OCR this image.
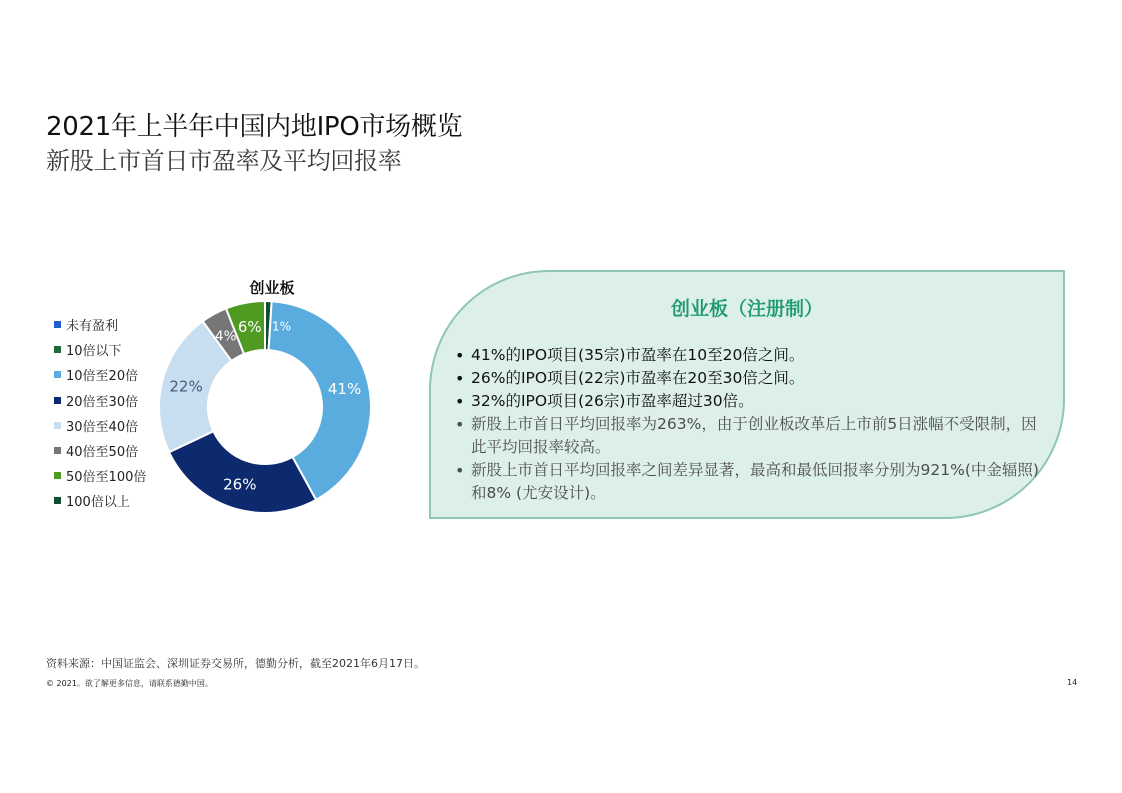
2021年上半年中国内地IPO市场概览
新股上市首日市盈率及平均回报率
未有盈利
10倍以下
10倍至20倍
20倍至30倍
30倍至40倍
40倍至50倍
50倍至100倍
100倍以上
创业板
1%
41%
26%
22%
4%
6%
创业板（注册制）
• 41%的IPO项目(35宗)市盈率在10至20倍之间。
• 26%的IPO项目(22宗)市盈率在20至30倍之间。
• 32%的IPO项目(26宗)市盈率超过30倍。
• 新股上市首日平均回报率为263%，由于创业板改革后上市前5日涨幅不受限制，因此平均回报率较高。
• 新股上市首日平均回报率之间差异显著，最高和最低回报率分别为921%(中金辐照)和8% (尤安设计)。
资料来源：中国证监会、深圳证券交易所，德勤分析，截至2021年6月17日。
© 2021。欲了解更多信息，请联系德勤中国。	14
